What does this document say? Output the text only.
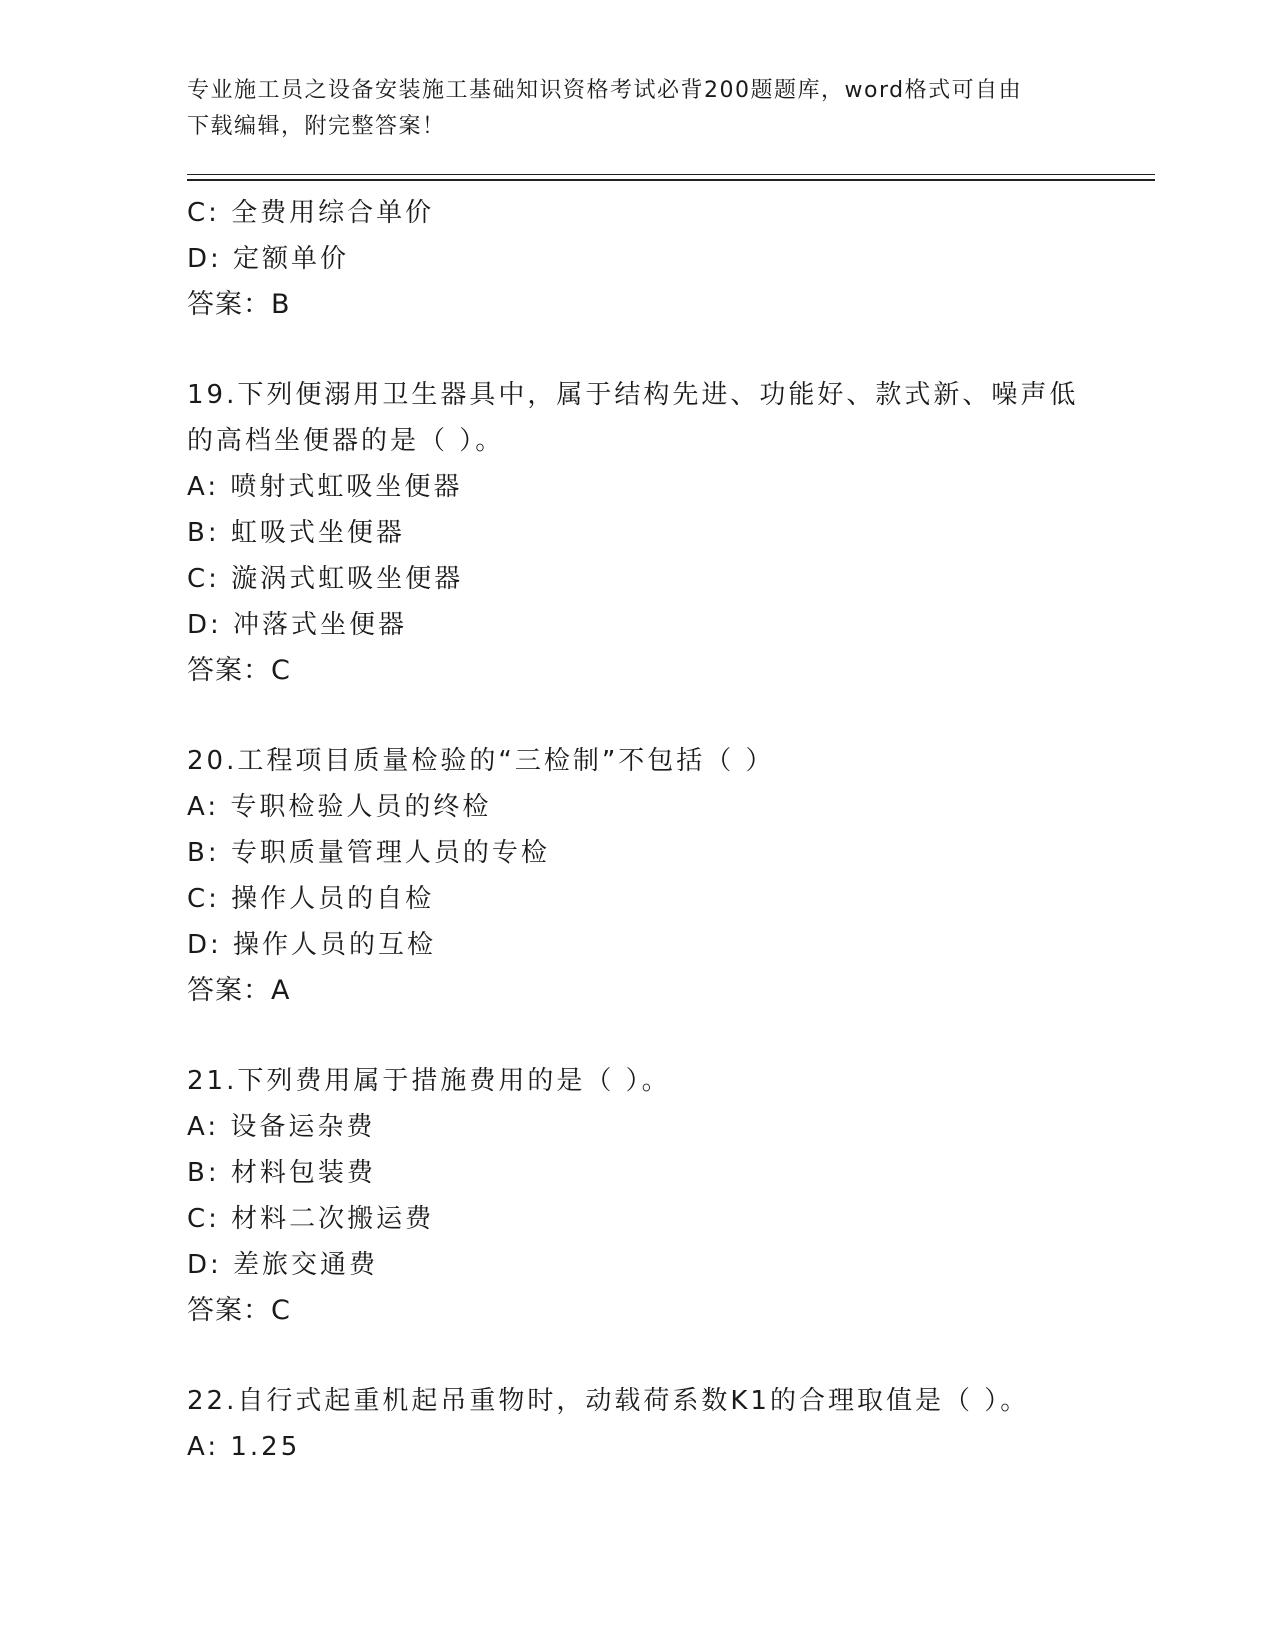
专业施工员之设备安装施工基础知识资格考试必背200题题库，word格式可自由
下载编辑，附完整答案！
C: 全费用综合单价
D: 定额单价
答案：B
19.下列便溺用卫生器具中，属于结构先进、功能好、款式新、噪声低
的高档坐便器的是（ ）。
A: 喷射式虹吸坐便器
B: 虹吸式坐便器
C: 漩涡式虹吸坐便器
D: 冲落式坐便器
答案：C
20.工程项目质量检验的“三检制”不包括（ ）
A: 专职检验人员的终检
B: 专职质量管理人员的专检
C: 操作人员的自检
D: 操作人员的互检
答案：A
21.下列费用属于措施费用的是（ ）。
A: 设备运杂费
B: 材料包装费
C: 材料二次搬运费
D: 差旅交通费
答案：C
22.自行式起重机起吊重物时，动载荷系数K1的合理取值是（ ）。
A: 1.25
